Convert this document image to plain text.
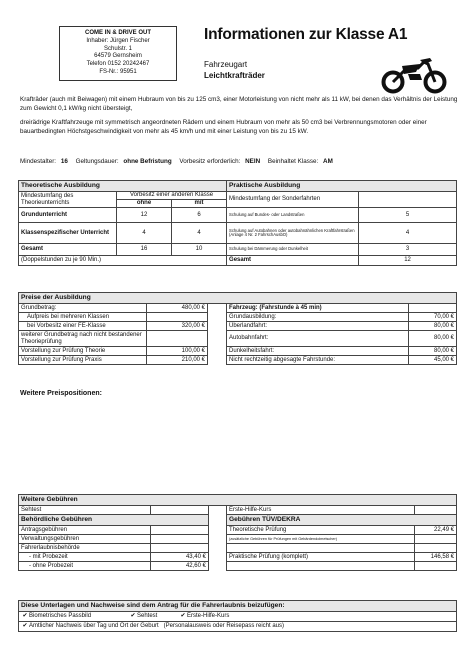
COME IN & DRIVE OUT
Inhaber: Jürgen Fischer
Schulstr. 1
64579 Gernsheim
Telefon 0152 20242467
FS-Nr.: 95951
Informationen zur Klasse A1
Fahrzeugart
Leichtkrafträder
Krafträder (auch mit Beiwagen) mit einem Hubraum von bis zu 125 cm3, einer Motorleistung von nicht mehr als 11 kW, bei denen das Verhältnis der Leistung zum Gewicht 0,1 kW/kg nicht übersteigt,
dreirädrige Kraftfahrzeuge mit symmetrisch angeordneten Rädern und einem Hubraum von mehr als 50 cm3 bei Verbrennungsmotoren oder einer bauartbedingten Höchstgeschwindigkeit von mehr als 45 km/h und mit einer Leistung von bis zu 15 kW.
Mindestalter: 16 Geltungsdauer: ohne Befristung Vorbesitz erforderlich: NEIN Beinhaltet Klasse: AM
Theoretische Ausbildung			Praktische Ausbildung	
Mindestumfang des Theorieunterrichts	Vorbesitz einer anderen Klasse		Mindestumfang der Sonderfahrten	
	ohne	mit		
Grundunterricht	12	6	Schulung auf Bundes- oder Landstraßen	5
Klassenspezifischer Unterricht	4	4	Schulung auf Autobahnen oder autobahnähnlichen Kraftfahrstraßen (Anlage 4 Nr. 2 FahrschAusbO)	4
Gesamt	16	10	Schulung bei Dämmerung oder Dunkelheit	3
(Doppelstunden zu je 90 Min.)			Gesamt	12
Preise der Ausbildung				
Grundbetrag:	480,00 €		Fahrzeug: (Fahrstunde à 45 min)	
Aufpreis bei mehreren Klassen			Grundausbildung:	70,00 €
bei Vorbesitz einer FE-Klasse	320,00 €		Überlandfahrt:	80,00 €
weiterer Grundbetrag nach nicht bestandener Theorieprüfung			Autobahnfahrt:	80,00 €
Vorstellung zur Prüfung Theorie	100,00 €		Dunkelheitsfahrt:	80,00 €
Vorstellung zur Prüfung Praxis	210,00 €		Nicht rechtzeitig abgesagte Fahrstunde:	45,00 €
Weitere Preispositionen:
Weitere Gebühren				
Sehtest			Erste-Hilfe-Kurs	
Behördliche Gebühren			Gebühren TÜV/DEKRA	
Antragsgebühren			Theoretische Prüfung	22,49 €
Verwaltungsgebühren			(zusätzliche Gebühren für Prüfungen mit Gebärdendolmetscher)	
Fahrerlaubnisbehörde				
- mit Probezeit	43,40 €		Praktische Prüfung (komplett)	146,58 €
- ohne Probezeit	42,60 €			
Diese Unterlagen und Nachweise sind dem Antrag für die Fahrerlaubnis beizufügen:
✔Biometrisches Passbild	✔Sehtest	✔Erste-Hilfe-Kurs
✔Amtlicher Nachweis über Tag und Ort der Geburt (Personalausweis oder Reisepass reicht aus)
